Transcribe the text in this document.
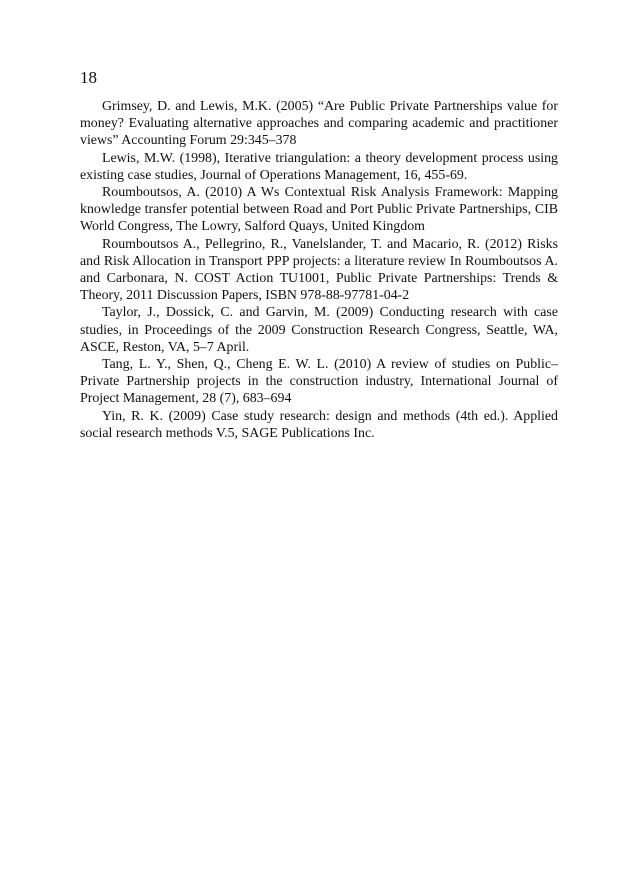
18

Grimsey, D. and Lewis, M.K. (2005) “Are Public Private Partnerships value for money? Evaluating alternative approaches and comparing academic and practitioner views” Accounting Forum 29:345–378

Lewis, M.W. (1998), Iterative triangulation: a theory development process using existing case studies, Journal of Operations Management, 16, 455-69.

Roumboutsos, A. (2010) A Ws Contextual Risk Analysis Framework: Mapping knowledge transfer potential between Road and Port Public Private Partnerships, CIB World Congress, The Lowry, Salford Quays, United Kingdom

Roumboutsos A., Pellegrino, R., Vanelslander, T. and Macario, R. (2012) Risks and Risk Allocation in Transport PPP projects: a literature review In Roumboutsos A. and Carbonara, N. COST Action TU1001, Public Private Partnerships: Trends & Theory, 2011 Discussion Papers, ISBN 978-88-97781-04-2

Taylor, J., Dossick, C. and Garvin, M. (2009) Conducting research with case studies, in Proceedings of the 2009 Construction Research Congress, Seattle, WA, ASCE, Reston, VA, 5–7 April.

Tang, L. Y., Shen, Q., Cheng E. W. L. (2010) A review of studies on Public–Private Partnership projects in the construction industry, International Journal of Project Management, 28 (7), 683–694

Yin, R. K. (2009) Case study research: design and methods (4th ed.). Applied social research methods V.5, SAGE Publications Inc.
